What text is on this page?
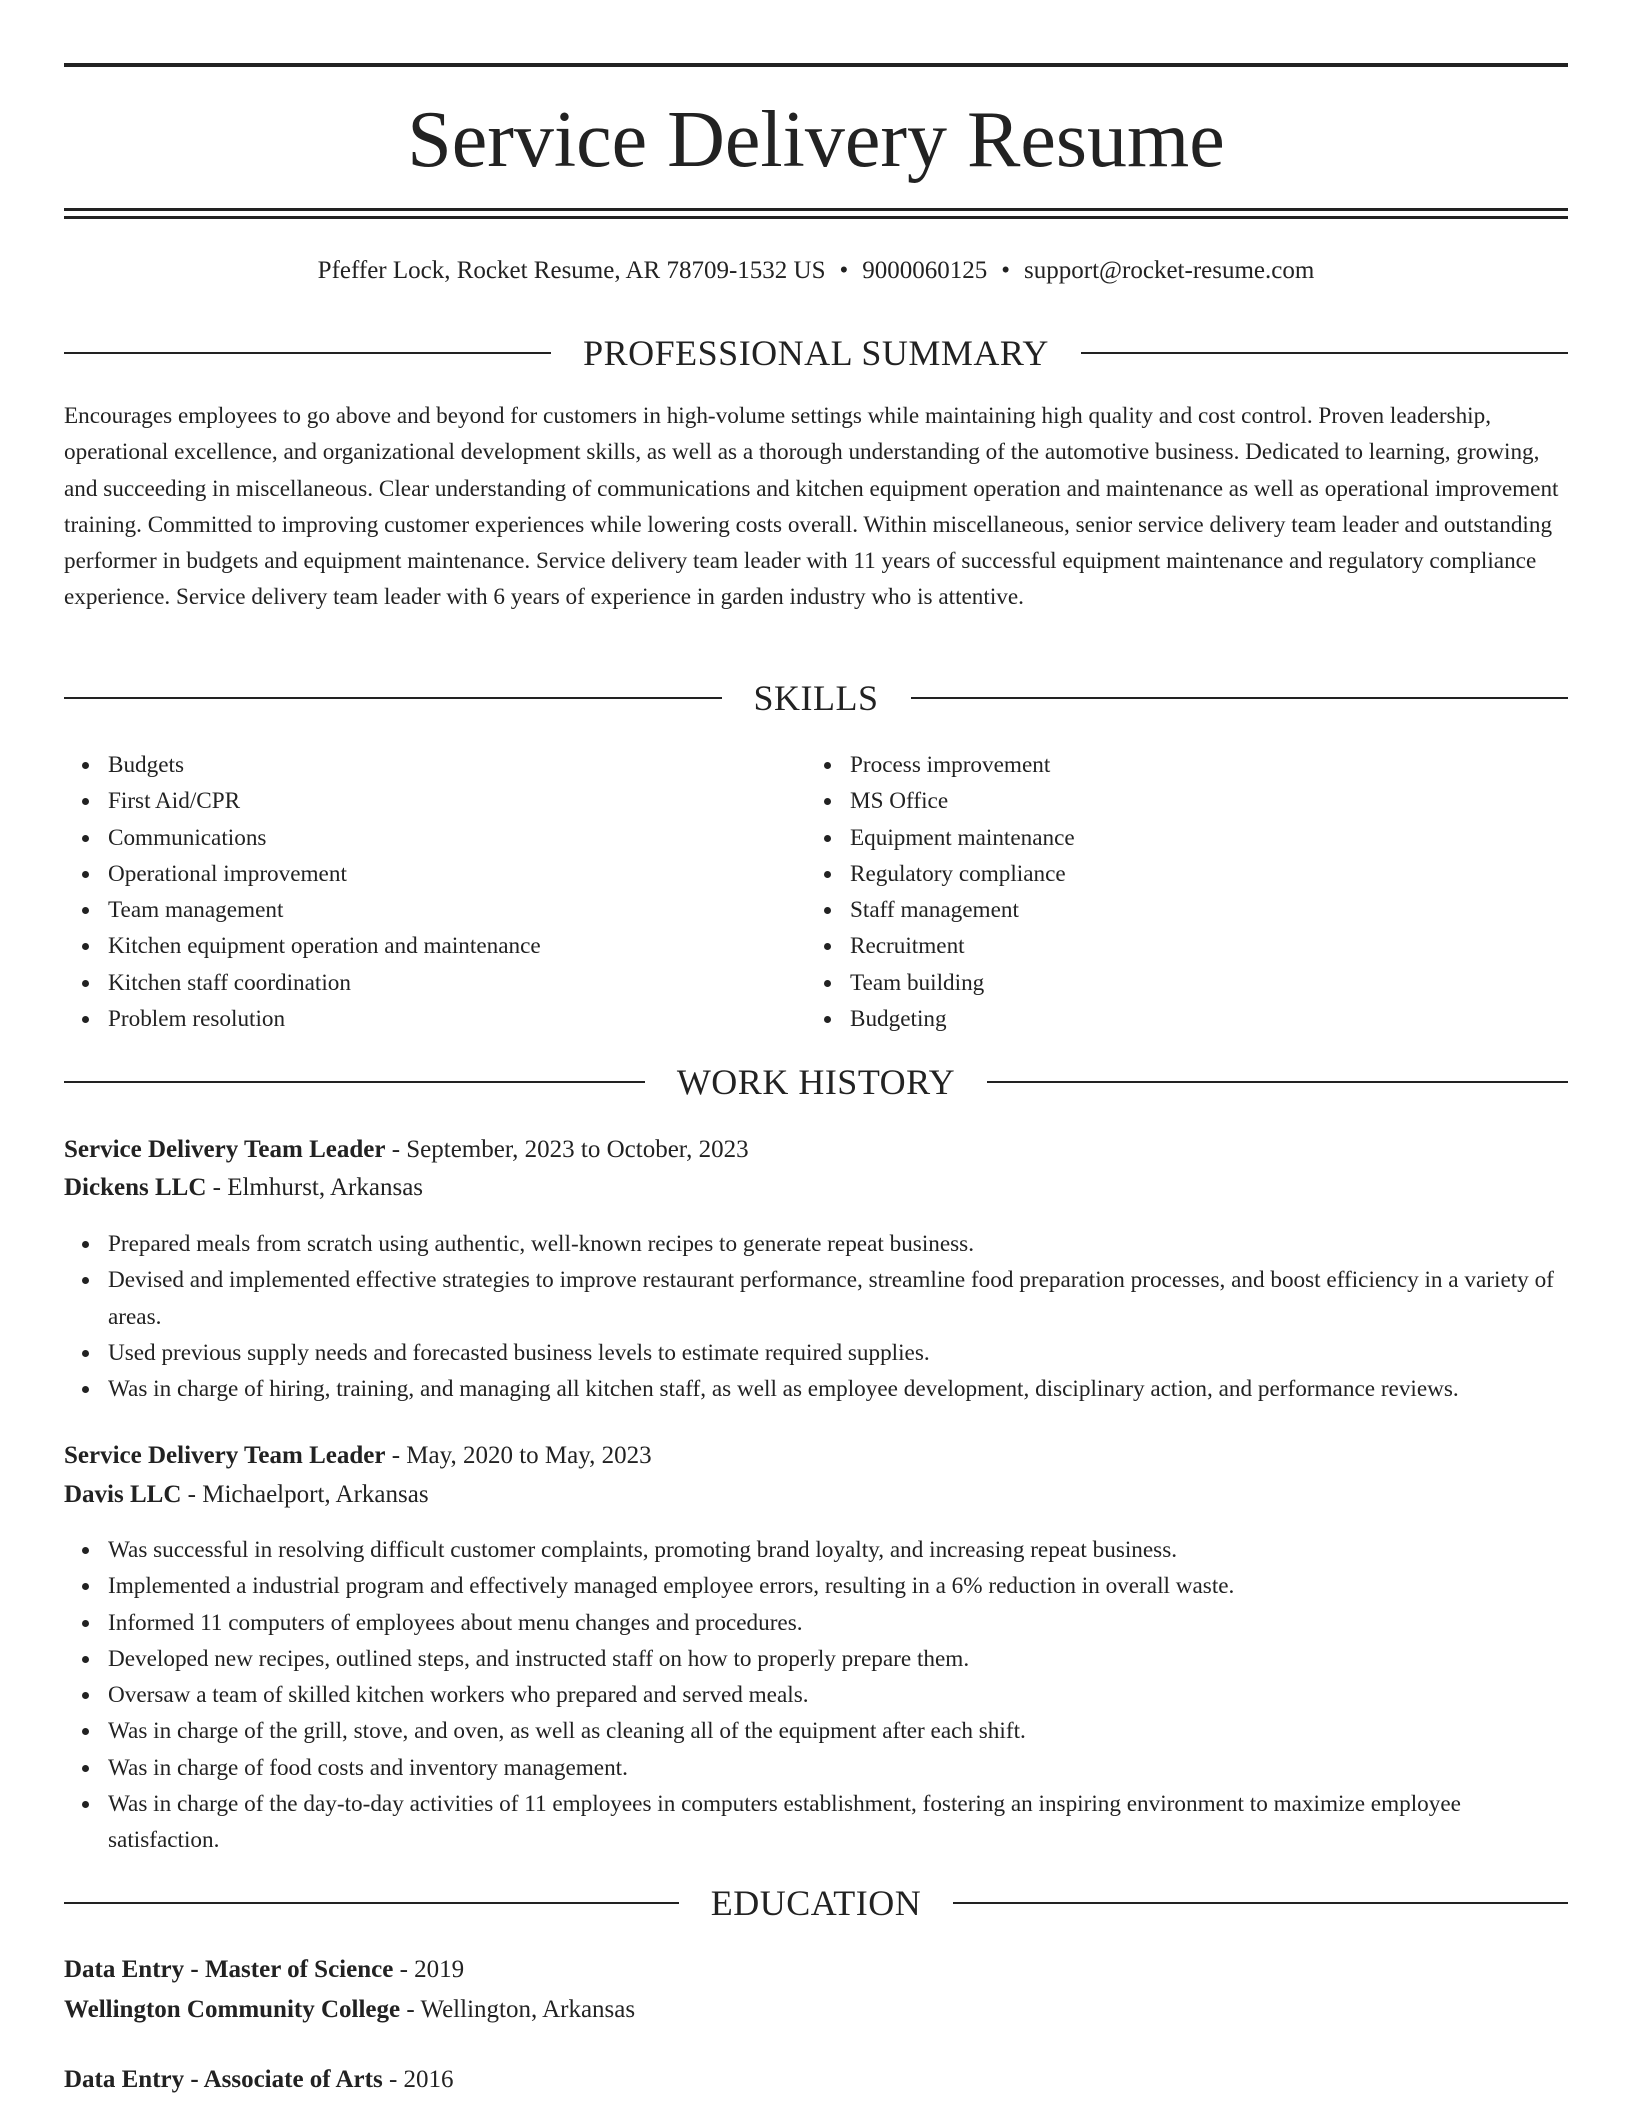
Service Delivery Resume
Pfeffer Lock, Rocket Resume, AR 78709-1532 US • 9000060125 • support@rocket-resume.com
PROFESSIONAL SUMMARY

Encourages employees to go above and beyond for customers in high-volume settings while maintaining high quality and cost control. Proven leadership, operational excellence, and organizational development skills, as well as a thorough understanding of the automotive business. Dedicated to learning, growing, and succeeding in miscellaneous. Clear understanding of communications and kitchen equipment operation and maintenance as well as operational improvement training. Committed to improving customer experiences while lowering costs overall. Within miscellaneous, senior service delivery team leader and outstanding performer in budgets and equipment maintenance. Service delivery team leader with 11 years of successful equipment maintenance and regulatory compliance experience. Service delivery team leader with 6 years of experience in garden industry who is attentive.

SKILLS
Budgets
First Aid/CPR
Communications
Operational improvement
Team management
Kitchen equipment operation and maintenance
Kitchen staff coordination
Problem resolution
Process improvement
MS Office
Equipment maintenance
Regulatory compliance
Staff management
Recruitment
Team building
Budgeting
WORK HISTORY
Service Delivery Team Leader - September, 2023 to October, 2023
Dickens LLC - Elmhurst, Arkansas
Prepared meals from scratch using authentic, well-known recipes to generate repeat business.
Devised and implemented effective strategies to improve restaurant performance, streamline food preparation processes, and boost efficiency in a variety of areas.
Used previous supply needs and forecasted business levels to estimate required supplies.
Was in charge of hiring, training, and managing all kitchen staff, as well as employee development, disciplinary action, and performance reviews.
Service Delivery Team Leader - May, 2020 to May, 2023
Davis LLC - Michaelport, Arkansas
Was successful in resolving difficult customer complaints, promoting brand loyalty, and increasing repeat business.
Implemented a industrial program and effectively managed employee errors, resulting in a 6% reduction in overall waste.
Informed 11 computers of employees about menu changes and procedures.
Developed new recipes, outlined steps, and instructed staff on how to properly prepare them.
Oversaw a team of skilled kitchen workers who prepared and served meals.
Was in charge of the grill, stove, and oven, as well as cleaning all of the equipment after each shift.
Was in charge of food costs and inventory management.
Was in charge of the day-to-day activities of 11 employees in computers establishment, fostering an inspiring environment to maximize employee satisfaction.
EDUCATION
Data Entry - Master of Science - 2019
Wellington Community College - Wellington, Arkansas
Data Entry - Associate of Arts - 2016
